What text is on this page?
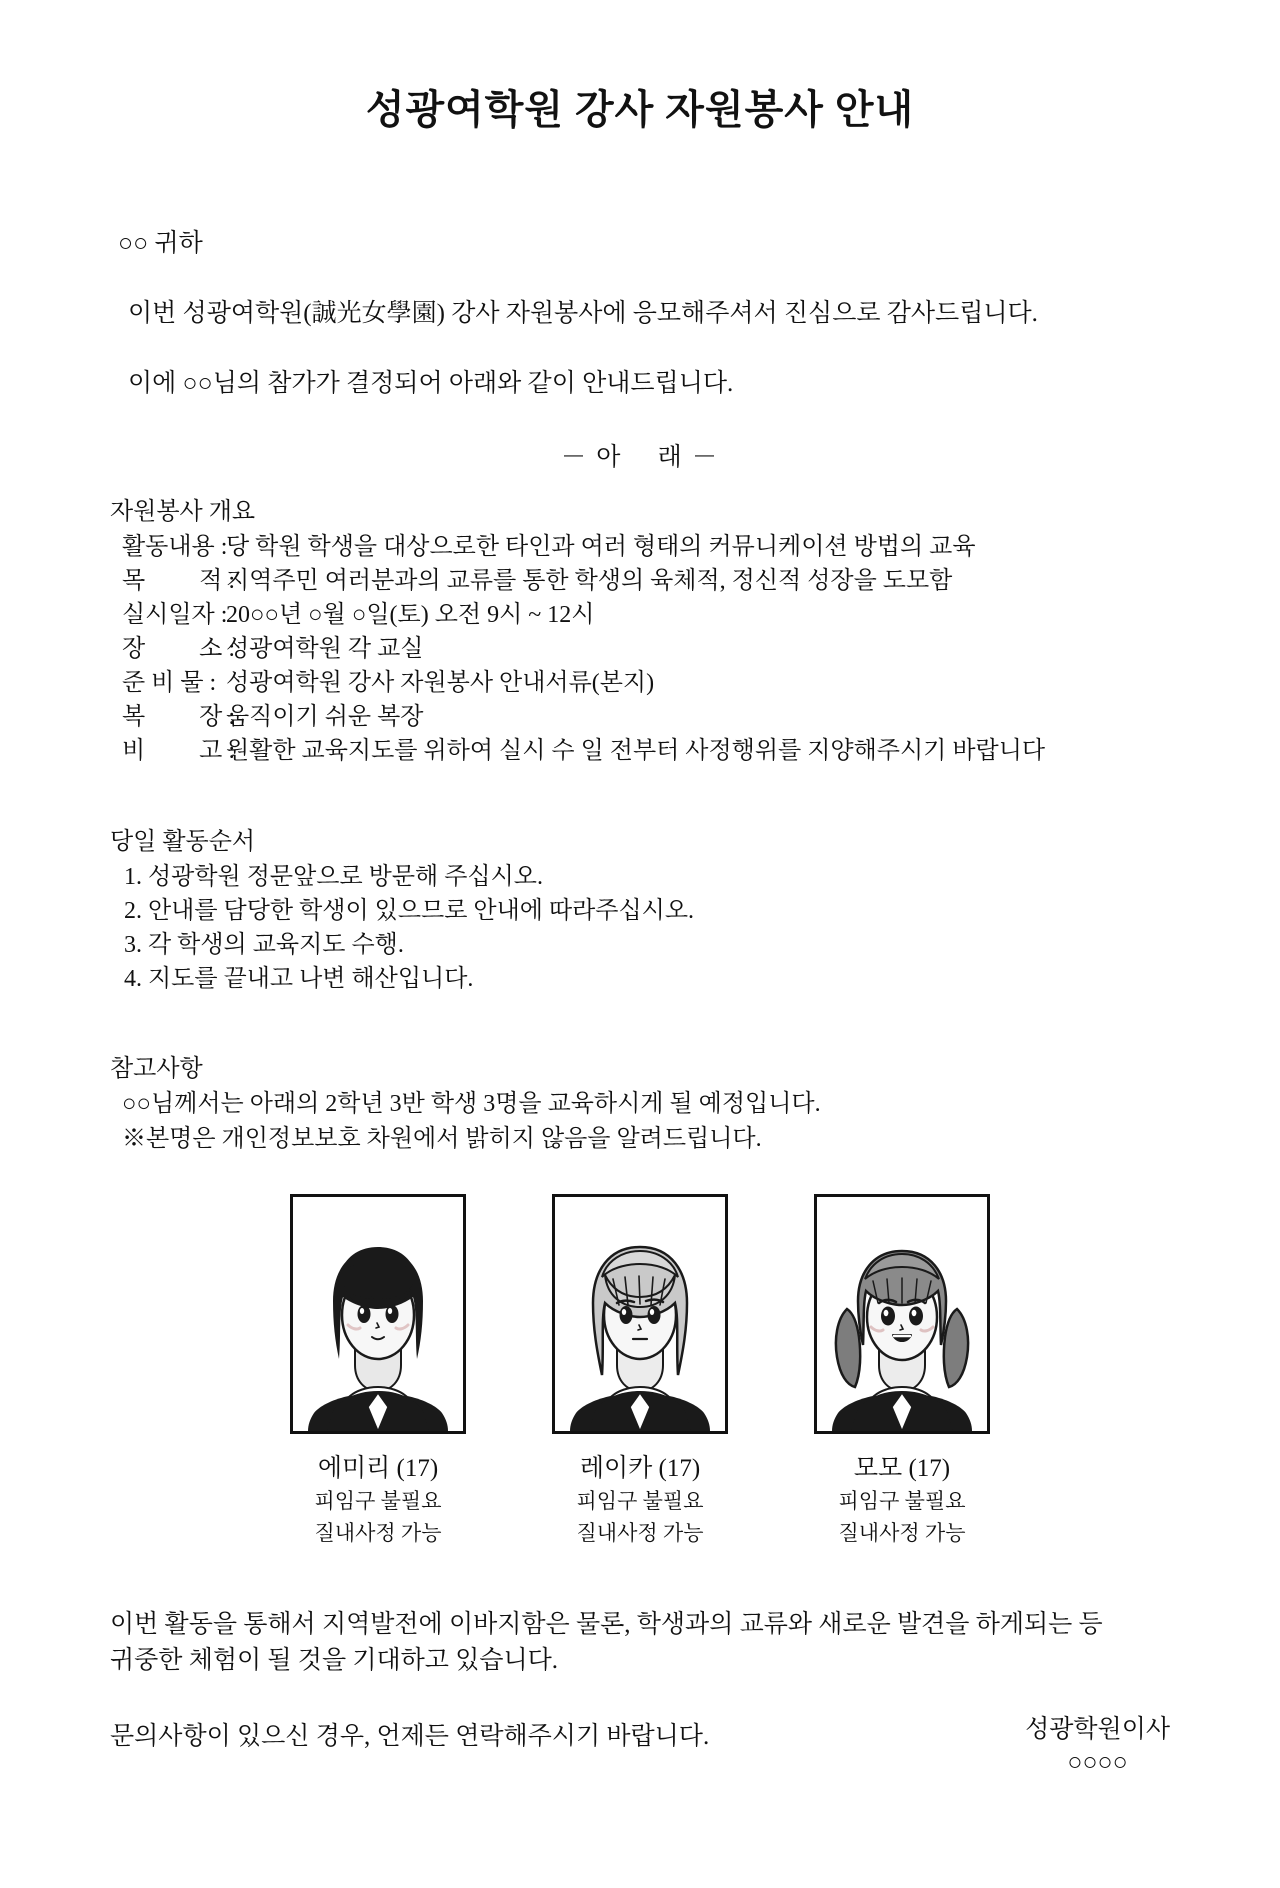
성광여학원 강사 자원봉사 안내
○○ 귀하
이번 성광여학원(誠光女學園) 강사 자원봉사에 응모해주셔서 진심으로 감사드립니다.
이에 ○○님의 참가가 결정되어 아래와 같이 안내드립니다.
－ 아　 래 －
자원봉사 개요
활동내용 :당 학원 학생을 대상으로한 타인과 여러 형태의 커뮤니케이션 방법의 교육
목　　 적 :지역주민 여러분과의 교류를 통한 학생의 육체적, 정신적 성장을 도모함
실시일자 :20○○년 ○월 ○일(토) 오전 9시 ~ 12시
장　　 소 :성광여학원 각 교실
준 비 물 : 성광여학원 강사 자원봉사 안내서류(본지)
복　　 장 :움직이기 쉬운 복장
비　　 고 :원활한 교육지도를 위하여 실시 수 일 전부터 사정행위를 지양해주시기 바랍니다
당일 활동순서
1. 성광학원 정문앞으로 방문해 주십시오.
2. 안내를 담당한 학생이 있으므로 안내에 따라주십시오.
3. 각 학생의 교육지도 수행.
4. 지도를 끝내고 나변 해산입니다.
참고사항
○○님께서는 아래의 2학년 3반 학생 3명을 교육하시게 될 예정입니다.
※본명은 개인정보보호 차원에서 밝히지 않음을 알려드립니다.
에미리 (17)
피임구 불필요
질내사정 가능
레이카 (17)
피임구 불필요
질내사정 가능
모모 (17)
피임구 불필요
질내사정 가능
이번 활동을 통해서 지역발전에 이바지함은 물론, 학생과의 교류와 새로운 발견을 하게되는 등
귀중한 체험이 될 것을 기대하고 있습니다.
문의사항이 있으신 경우, 언제든 연락해주시기 바랍니다.	성광학원이사
○○○○
